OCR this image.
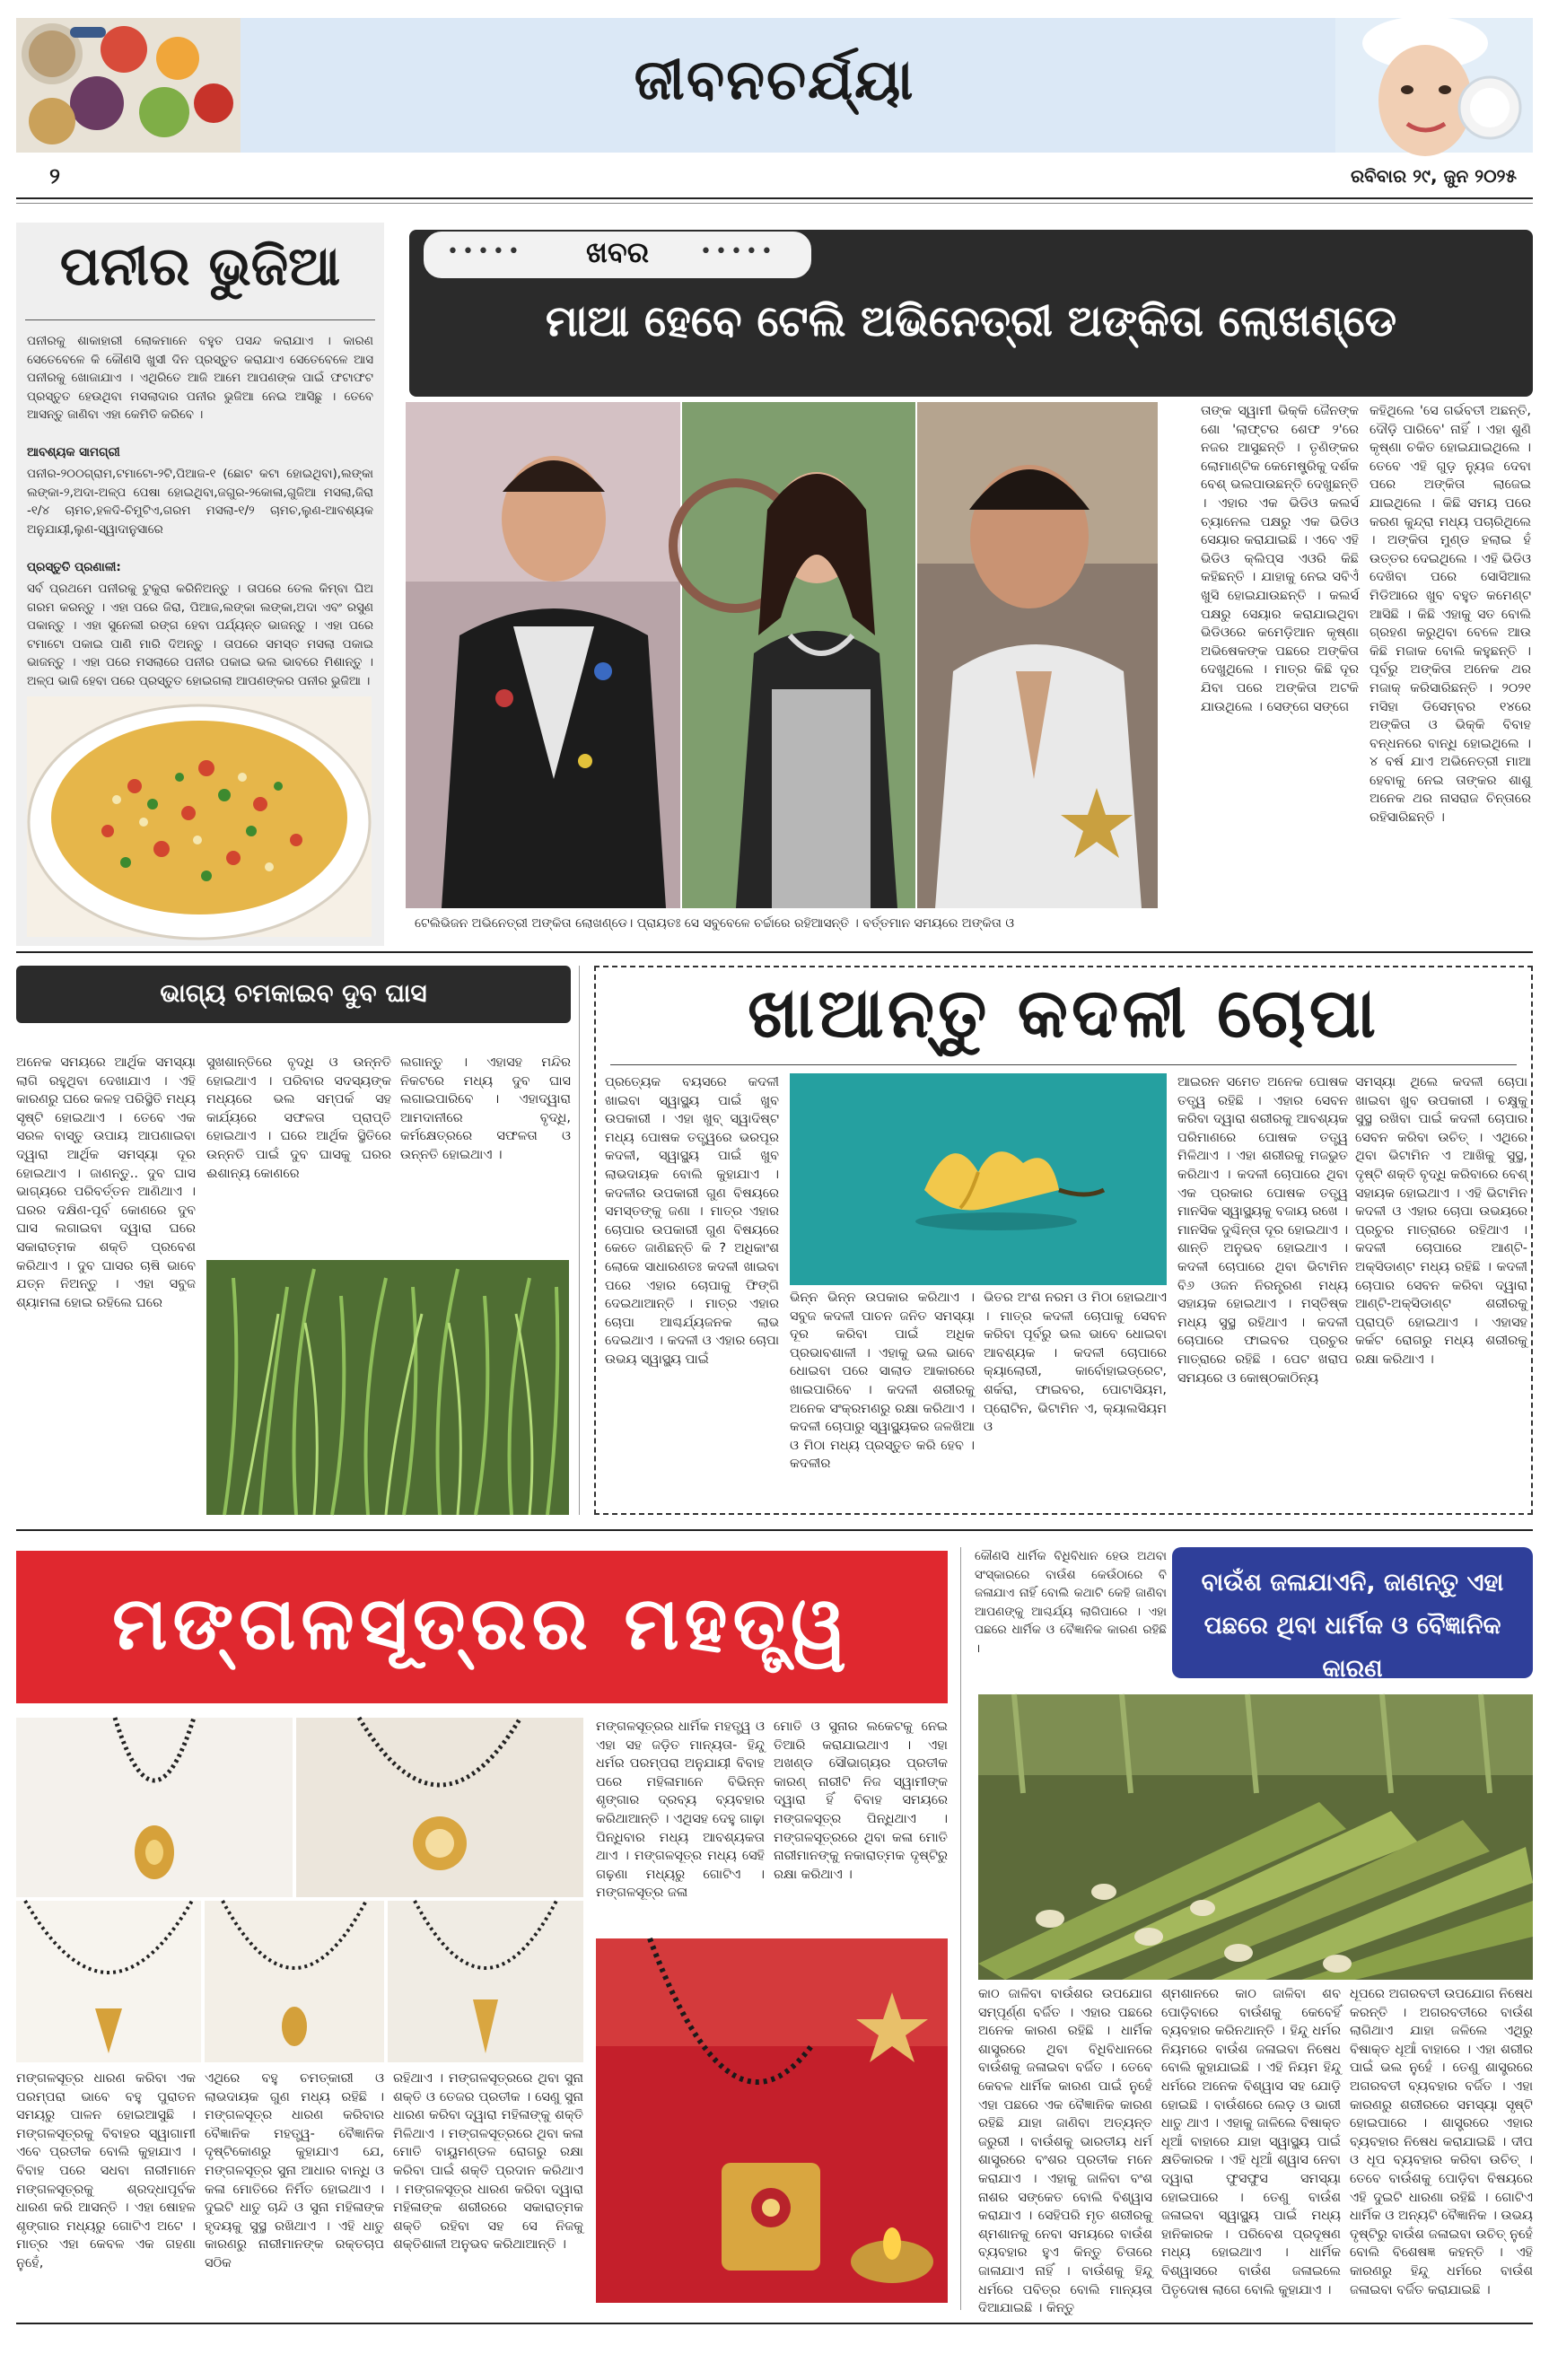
ଜୀବନଚର୍ଯ୍ୟା
୨	ରବିବାର ୨୯, ଜୁନ ୨୦୨୫
ପନୀର ଭୁଜିଆ
ପନୀରକୁ ଶାକାହାରୀ ଲୋକମାନେ ବହୁତ ପସନ୍ଦ କରାଯାଏ । କାରଣ ସେତେବେଳେ କି କୌଣସି ଖୁସୀ ଦିନ ପ୍ରସ୍ତୁତ କରାଯାଏ ସେତେବେଳେ ଆସ ପନୀରକୁ ଖୋଜାଯାଏ । ଏଥିରିତେ ଆଜି ଆମେ ଆପଣଙ୍କ ପାଇଁ ଫଟାଫଟ ପ୍ରସ୍ତୁତ ହେଉଥିବା ମସଲାଦାର ପନୀର ଭୁଜିଆ ନେଇ ଆସିଛୁ । ତେବେ ଆସନ୍ତୁ ଜାଣିବା ଏହା କେମିତି କରିବେ ।
ଆବଶ୍ୟକ ସାମଗ୍ରୀ
ପନୀର-୨୦୦ଗ୍ରାମ,ଟମାଟୋ-୨ଟି,ପିଆଜ-୧ (ଛୋଟ କଟା ହୋଇଥିବା),ଲଙ୍କା ଲଙ୍କା-୨,ଅଦା-ଅଳ୍ପ ପେଷା ହୋଇଥିବା,ଜଗୁର-୨କୋଳା,ଗୁଜିଆ ମସଲା,ଜିରା -୧/୪ ଚାମଚ,ହଳଦି-ଚିମୁଟିଏ,ଗରମ ମସଲା-୧/୨ ଚାମଚ,ଲୁଣ-ଆବଶ୍ୟକ ଅନୁଯାୟୀ,ଲୁଣ-ସ୍ୱାଦାନୁସାରେ
ପ୍ରସ୍ତୁତି ପ୍ରଣାଳୀ:
ସର୍ବ ପ୍ରଥମେ ପନୀରକୁ ଟୁକୁରା କରିନିଅନ୍ତୁ । ତାପରେ ତେଲ କିମ୍ବା ଘିଅ ଗରମ କରନ୍ତୁ । ଏହା ପରେ ଜିରା, ପିଆଜ,ଲଙ୍କା ଲଙ୍କା,ଅଦା ଏବଂ ରସୁଣ ପକାନ୍ତୁ । ଏହା ସୁନେଲୀ ରଙ୍ଗ ହେବା ପର୍ଯ୍ୟନ୍ତ ଭାଜନ୍ତୁ । ଏହା ପରେ ଟମାଟୋ ପକାଇ ପାଣି ମାରି ଦିଅନ୍ତୁ । ତାପରେ ସମସ୍ତ ମସଲା ପକାଇ ଭାଜନ୍ତୁ । ଏହା ପରେ ମସଲାରେ ପନୀର ପକାଇ ଭଲ ଭାବରେ ମିଶାନ୍ତୁ । ଅଳ୍ପ ଭାଜି ହେବା ପରେ ପ୍ରସ୍ତୁତ ହୋଇଗଲା ଆପଣଙ୍କର ପନୀର ଭୁଜିଆ ।
•••••	ଖବର	•••••
ମାଆ ହେବେ ଟେଲି ଅଭିନେତ୍ରୀ ଅଙ୍କିତା ଲୋଖଣ୍ଡେ
ଟେଲିଭିଜନ ଅଭିନେତ୍ରୀ ଅଙ୍କିତା ଲୋଖଣ୍ଡେ। ପ୍ରାୟତଃ ସେ ସବୁବେଳେ ଚର୍ଚ୍ଚାରେ ରହିଆସନ୍ତି । ବର୍ତ୍ତମାନ ସମୟରେ ଅଙ୍କିତା ଓ
ତାଙ୍କ ସ୍ୱାମୀ ଭିକ୍କି ଜୈନଙ୍କ ଶୋ 'ଲାଫ୍ଟର ଶେଫ ୨'ରେ ନଜର ଆସୁଛନ୍ତି । ତୃଣିଙ୍କର ଲୋମାଣ୍ଟିକ କେମେଷ୍ଟ୍ରିକୁ ଦର୍ଶକ ବେଶ୍ ଭଲପାଉଛନ୍ତି ଦେଖୁଛନ୍ତି । ଏହାର ଏକ ଭିଡିଓ କଲର୍ସ ଚ୍ୟାନେଲ ପକ୍ଷରୁ ଏକ ଭିଡିଓ ସେୟାର କରାଯାଇଛି । ଏବେ ଏହି ଭିଡିଓ କ୍ଲିପ୍ସ ଏଓରି କିଛି କହିଛନ୍ତି । ଯାହାକୁ ନେଇ ସବିଏଁ ଖୁସି ହୋଇଯାଉଛନ୍ତି । କଲର୍ସ ପକ୍ଷରୁ ସେୟାର କରାଯାଇଥିବା ଭିଡିଓରେ କମେଡ଼ିଆନ କୃଷ୍ଣା ଅଭିଷେକଙ୍କ ପଛରେ ଅଙ୍କିତା ଦେଖୁଥିଲେ । ମାତ୍ର କିଛି ଦୂର ଯିବା ପରେ ଅଙ୍କିତା ଅଟକି ଯାଉଥିଲେ । ସେଙ୍ଗେ ସଙ୍ଗେ
କହିଥିଲେ 'ସେ ଗର୍ଭବତୀ ଅଛନ୍ତି, ଦୌଡ଼ି ପାରିବେ' ନାହିଁ । ଏହା ଶୁଣି କୃଷ୍ଣା ଚକିତ ହୋଇଯାଇଥିଲେ । ତେବେ ଏହି ଗୁଡ଼ ନ୍ୟୁଜ ଦେବା ପରେ ଅଙ୍କିତା ଲାଜେଇ ଯାଇଥିଲେ । କିଛି ସମୟ ପରେ କରଣ କୁନ୍ଦ୍ରା ମଧ୍ୟ ପଚାରିଥିଲେ । ଅଙ୍କିତା ମୁଣ୍ଡ ହଲାଇ ହଁ ଉତ୍ତର ଦେଇଥିଲେ । ଏହି ଭିଡିଓ ଦେଖିବା ପରେ ସୋସିଆଲ ମିଡିଆରେ ଖୁବ ବହୁତ କମେଣ୍ଟ ଆସିଛି । କିଛି ଏହାକୁ ସତ ବୋଲି ଗ୍ରହଣ କରୁଥିବା ବେଳେ ଆଉ କିଛି ମଜାକ ବୋଲି କହୁଛନ୍ତି । ପୂର୍ବରୁ ଅଙ୍କିତା ଅନେକ ଥର ମଜାକ୍ କରିସାରିଛନ୍ତି । ୨୦୨୧ ମସିହା ଡିସେମ୍ବର ୧୪ରେ ଅଙ୍କିତା ଓ ଭିକ୍କି ବିବାହ ବନ୍ଧନରେ ବାନ୍ଧି ହୋଇଥିଲେ । ୪ ବର୍ଷ ଯାଏ ଅଭିନେତ୍ରୀ ମାଆ ହେବାକୁ ନେଇ ତାଙ୍କର ଶାଶୁ ଅନେକ ଥର ନାସରାଜ ଚିନ୍ତାରେ ରହିସାରିଛନ୍ତି ।
ଭାଗ୍ୟ ଚମକାଇବ ଦୁବ ଘାସ
ଅନେକ ସମୟରେ ଆର୍ଥିକ ସମସ୍ୟା ଲାଗି ରହୁଥିବା ଦେଖାଯାଏ । ଏହି କାରଣରୁ ଘରେ କଳହ ପରିସ୍ଥିତି ମଧ୍ୟ ସୃଷ୍ଟି ହୋଇଥାଏ । ତେବେ ଏକ ସରଳ ବାସ୍ତୁ ଉପାୟ ଆପଣାଇବା ଦ୍ୱାରା ଆର୍ଥିକ ସମସ୍ୟା ଦୂର ହୋଇଥାଏ । ଜାଣନ୍ତୁ.. ଦୁବ ଘାସ ଭାଗ୍ୟରେ ପରିବର୍ତ୍ତନ ଆଣିଥାଏ । ଘରର ଦକ୍ଷିଣ-ପୂର୍ବ କୋଣରେ ଦୁବ ଘାସ ଲଗାଇବା ଦ୍ୱାରା ଘରେ ସକାରାତ୍ମକ ଶକ୍ତି ପ୍ରବେଶ କରିଥାଏ । ଦୁବ ଘାସର ଚାଷି ଭାବେ ଯତ୍ନ ନିଅନ୍ତୁ । ଏହା ସବୁଜ ଶ୍ୟାମଳା ହୋଇ ରହିଲେ ଘରେ
ସୁଖଶାନ୍ତିରେ ବୃଦ୍ଧି ଓ ଉନ୍ନତି ହୋଇଥାଏ । ପରିବାର ସଦସ୍ୟଙ୍କ ମଧ୍ୟରେ ଭଲ ସମ୍ପର୍କ ସହ କାର୍ଯ୍ୟରେ ସଫଳତା ପ୍ରାପ୍ତି ହୋଇଥାଏ । ଘରେ ଆର୍ଥିକ ସ୍ଥିତିରେ ଉନ୍ନତି ପାଇଁ ଦୁବ ଘାସକୁ ଘରର ଈଶାନ୍ୟ କୋଣରେ
ଲଗାନ୍ତୁ । ଏହାସହ ମନ୍ଦିର ନିକଟରେ ମଧ୍ୟ ଦୁବ ଘାସ ଲଗାଇପାରିବେ । ଏହାଦ୍ୱାରା ଆମଦାନୀରେ ବୃଦ୍ଧି, କର୍ମକ୍ଷେତ୍ରରେ ସଫଳତା ଓ ଉନ୍ନତି ହୋଇଥାଏ ।
ଖାଆନ୍ତୁ କଦଳୀ ଚୋପା
ପ୍ରତ୍ୟେକ ବୟସରେ କଦଳୀ ଖାଇବା ସ୍ୱାସ୍ଥ୍ୟ ପାଇଁ ଖୁବ ଉପକାରୀ । ଏହା ଖୁବ୍ ସ୍ୱାଦିଷ୍ଟ ମଧ୍ୟ ପୋଷକ ତତ୍ତ୍ୱରେ ଭରପୂର କଦଳୀ, ସ୍ୱାସ୍ଥ୍ୟ ପାଇଁ ଖୁବ ଲାଭଦାୟକ ବୋଲି କୁହାଯାଏ । କଦଳୀର ଉପକାରୀ ଗୁଣ ବିଷୟରେ ସମସ୍ତଙ୍କୁ ଜଣା । ମାତ୍ର ଏହାର ଚୋପାର ଉପକାରୀ ଗୁଣ ବିଷୟରେ କେତେ ଜାଣିଛନ୍ତି କି ? ଅଧିକାଂଶ ଲୋକେ ସାଧାରଣତଃ କଦଳୀ ଖାଇବା ପରେ ଏହାର ଚୋପାକୁ ଫିଙ୍ଗି ଦେଇଥାଆନ୍ତି । ମାତ୍ର ଏହାର ଚୋପା ଆଶ୍ଚର୍ଯ୍ୟଜନକ ଲାଭ ଦେଇଥାଏ । କଦଳୀ ଓ ଏହାର ଚୋପା ଉଭୟ ସ୍ୱାସ୍ଥ୍ୟ ପାଇଁ
ଭିନ୍ନ ଭିନ୍ନ ଉପକାର କରିଥାଏ । ସବୁଜ କଦଳୀ ପାଚନ ଜନିତ ସମସ୍ୟା ଦୂର କରିବା ପାଇଁ ଅଧିକ ପ୍ରଭାବଶାଳୀ । ଏହାକୁ ଭଲ ଭାବେ ଧୋଇବା ପରେ ସାଲାଡ ଆକାରରେ ଖାଇପାରିବେ । କଦଳୀ ଶରୀରକୁ ଅନେକ ସଂକ୍ରମଣରୁ ରକ୍ଷା କରିଥାଏ । କଦଳୀ ଚୋପାରୁ ସ୍ୱାସ୍ଥ୍ୟକର ଜଳଖିଆ ଓ ମିଠା ମଧ୍ୟ ପ୍ରସ୍ତୁତ କରି ହେବ । କଦଳୀର
ଭିତର ଅଂଶ ନରମ ଓ ମିଠା ହୋଇଥାଏ । ମାତ୍ର କଦଳୀ ଚୋପାକୁ ସେବନ କରିବା ପୂର୍ବରୁ ଭଲ ଭାବେ ଧୋଇବା ଆବଶ୍ୟକ । କଦଳୀ ଚୋପାରେ କ୍ୟାଲୋରୀ, କାର୍ବୋହାଇଡ୍ରେଟ, ଶର୍କରା, ଫାଇବର, ପୋଟାସିୟମ, ପ୍ରୋଟିନ, ଭିଟାମିନ ଏ, କ୍ୟାଲସିୟମ ଓ
ଆଇରନ ସମେତ ଅନେକ ପୋଷକ ତତ୍ତ୍ୱ ରହିଛି । ଏହାର ସେବନ କରିବା ଦ୍ୱାରା ଶରୀରକୁ ଆବଶ୍ୟକ ପରିମାଣରେ ପୋଷକ ତତ୍ତ୍ୱ ମିଳିଥାଏ । ଏହା ଶରୀରକୁ ମଜଭୁତ କରିଥାଏ । କଦଳୀ ଚୋପାରେ ଥିବା ଏକ ପ୍ରକାର ପୋଷକ ତତ୍ତ୍ୱ ମାନସିକ ସ୍ୱାସ୍ଥ୍ୟକୁ ବଜାୟ ରଖେ । ମାନସିକ ଦୁଶ୍ଚିନ୍ତା ଦୂର ହୋଇଥାଏ । ଶାନ୍ତି ଅନୁଭବ ହୋଇଥାଏ । କଦଳୀ ଚୋପାରେ ଥିବା ଭିଟାମିନ ବି୬ ଓଜନ ନିରନ୍ତ୍ରଣ ମଧ୍ୟ ସହାୟକ ହୋଇଥାଏ । ମସ୍ତିଷ୍କ ମଧ୍ୟ ସୁସ୍ଥ ରହିଥାଏ । କଦଳୀ ଚୋପାରେ ଫାଇବର ପ୍ରଚୁର ମାତ୍ରାରେ ରହିଛି । ପେଟ ଖରାପ ସମୟରେ ଓ କୋଷ୍ଠକାଠିନ୍ୟ
ସମସ୍ୟା ଥିଲେ କଦଳୀ ଚୋପା ଖାଇବା ଖୁବ ଉପକାରୀ । ଚକ୍ଷୁକୁ ସୁସ୍ଥ ରଖିବା ପାଇଁ କଦଳୀ ଚୋପାର ସେବନ କରିବା ଉଚିତ୍ । ଏଥିରେ ଥିବା ଭିଟାମିନ ଏ ଆଖିକୁ ସୁସ୍ଥ, ଦୃଷ୍ଟି ଶକ୍ତି ବୃଦ୍ଧି କରିବାରେ ବେଶ୍ ସହାୟକ ହୋଇଥାଏ । ଏହି ଭିଟାମିନ କଦଳୀ ଓ ଏହାର ଚୋପା ଉଭୟରେ ପ୍ରଚୁର ମାତ୍ରାରେ ରହିଥାଏ । କଦଳୀ ଚୋପାରେ ଆଣ୍ଟି-ଅକ୍ସିଡାଣ୍ଟ ମଧ୍ୟ ରହିଛି । କଦଳୀ ଚୋପାର ସେବନ କରିବା ଦ୍ୱାରା ଆଣ୍ଟି-ଅକ୍ସିଡାଣ୍ଟ ଶରୀରକୁ ପ୍ରାପ୍ତି ହୋଇଥାଏ । ଏହାସହ କର୍କଟ ରୋଗରୁ ମଧ୍ୟ ଶରୀରକୁ ରକ୍ଷା କରିଥାଏ ।
ମଙ୍ଗଳସୂତ୍ରର ମହତ୍ତ୍ୱ
ମଙ୍ଗଳସୂତ୍ରର ଧାର୍ମିକ ମହତ୍ତ୍ୱ ଓ ଏହା ସହ ଜଡ଼ିତ ମାନ୍ୟତା- ହିନ୍ଦୁ ଧର୍ମର ପରମ୍ପରା ଅନୁଯାୟୀ ବିବାହ ପରେ ମହିଳାମାନେ ବିଭିନ୍ନ ଶୃଙ୍ଗାର ଦ୍ରବ୍ୟ ବ୍ୟବହାର କରିଥାଆନ୍ତି । ଏଥିସହ ଦେହୁ ଗାଢ଼ା ପିନ୍ଧିବାର ମଧ୍ୟ ଆବଶ୍ୟକତା ଥାଏ । ମଙ୍ଗଳସୂତ୍ର ମଧ୍ୟ ସେହି ଗଢ଼ଣା ମଧ୍ୟରୁ ଗୋଟିଏ । ମଙ୍ଗଳସୂତ୍ର ଜଳା
ମୋତି ଓ ସୁନାର ଲକେଟକୁ ନେଇ ତିଆରି କରାଯାଇଥାଏ । ଏହା ଅଖଣ୍ଡ ସୌଭାଗ୍ୟର ପ୍ରତୀକ କାରଣ୍ ନାରୀଟି ନିଜ ସ୍ୱାମୀଙ୍କ ଦ୍ୱାରା ହିଁ ବିବାହ ସମୟରେ ମଙ୍ଗଳସୂତ୍ର ପିନ୍ଧିଥାଏ । ମଙ୍ଗଳସୂତ୍ରରେ ଥିବା କଳା ମୋତି ନାରୀମାନଙ୍କୁ ନକାରାତ୍ମକ ଦୃଷ୍ଟିରୁ ରକ୍ଷା କରିଥାଏ ।
ମଙ୍ଗଳସୂତ୍ର ଧାରଣ କରିବା ଏକ ପରମ୍ପରା ଭାବେ ବହୁ ପୁରାତନ ସମୟରୁ ପାଳନ ହୋଇଆସୁଛି । ମଙ୍ଗଳସୂତ୍ରକୁ ବିବାହର ସ୍ୱାଗାମୀ ଏବେ ପ୍ରତୀକ ବୋଲି କୁହାଯାଏ । ବିବାହ ପରେ ସଧବା ନାରୀମାନେ ମଙ୍ଗଳସୂତ୍ରକୁ ଶ୍ରଦ୍ଧାପୂର୍ବକ ଧାରଣ କରି ଆସନ୍ତି । ଏହା ଷୋହଳ ଶୃଙ୍ଗାର ମଧ୍ୟରୁ ଗୋଟିଏ ଅଟେ । ମାତ୍ର ଏହା କେବଳ ଏକ ଗହଣା ନୁହେଁ,
ଏଥିରେ ବହୁ ଚମତ୍କାରୀ ଓ ଲାଭଦାୟକ ଗୁଣ ମଧ୍ୟ ରହିଛି । ମଙ୍ଗଳସୂତ୍ର ଧାରଣ କରିବାର ବୈଜ୍ଞାନିକ ମହତ୍ତ୍ୱ- ବୈଜ୍ଞାନିକ ଦୃଷ୍ଟିକୋଣରୁ କୁହାଯାଏ ଯେ, ମଙ୍ଗଳସୂତ୍ର ସୁନା ଆଧାର ବାନ୍ଧି ଓ କଳା ମୋତିରେ ନିର୍ମିତ ହୋଇଥାଏ । ଦୁଇଟି ଧାତୁ ଚାନ୍ଦି ଓ ସୁନା ମହିଳାଙ୍କ ହୃଦୟକୁ ସୁସ୍ଥ ରଖିଥାଏ । ଏହି ଧାତୁ କାରଣରୁ ନାରୀମାନଙ୍କ ରକ୍ତଚାପ ସଠିକ
ରହିଥାଏ । ମଙ୍ଗଳସୂତ୍ରରେ ଥିବା ସୁନା ଶକ୍ତି ଓ ତେଜର ପ୍ରତୀକ । ସେଣୁ ସୁନା ଧାରଣ କରିବା ଦ୍ୱାରା ମହିଳାଙ୍କୁ ଶକ୍ତି ମିଳିଥାଏ । ମଙ୍ଗଳସୂତ୍ରରେ ଥିବା କଳା ମୋତି ବାୟୁମଣ୍ଡଳ ରୋଗରୁ ରକ୍ଷା କରିବା ପାଇଁ ଶକ୍ତି ପ୍ରଦାନ କରିଥାଏ । ମଙ୍ଗଳସୂତ୍ର ଧାରଣ କରିବା ଦ୍ୱାରା ମହିଳାଙ୍କ ଶରୀରରେ ସକାରାତ୍ମକ ଶକ୍ତି ରହିବା ସହ ସେ ନିଜକୁ ଶକ୍ତିଶାଳୀ ଅନୁଭବ କରିଥାଆନ୍ତି ।
କୌଣସି ଧାର୍ମିକ ବିଧିବିଧାନ ହେଉ ଅଥବା ସଂସ୍କାରରେ ବାଉଁଶ କେଉଁଠାରେ ବି ଜଳାଯାଏ ନାହିଁ ବୋଲି କଥାଟି କେହି ଜାଣିବା ଆପଣଙ୍କୁ ଆଶ୍ଚର୍ଯ୍ୟ ଲାଗିପାରେ । ଏହା ପଛରେ ଧାର୍ମିକ ଓ ବୈଜ୍ଞାନିକ କାରଣ ରହିଛି ।
ବାଉଁଶ ଜଳାଯାଏନି, ଜାଣନ୍ତୁ ଏହା ପଛରେ ଥିବା ଧାର୍ମିକ ଓ ବୈଜ୍ଞାନିକ କାରଣ
କାଠ ଜାଳିବା ବାଉଁଶର ଉପଯୋଗ ସମ୍ପୂର୍ଣ୍ଣ ବର୍ଜିତ । ଏହାର ପଛରେ ଅନେକ କାରଣ ରହିଛି । ଧାର୍ମିକ ଶାସ୍ତ୍ରରେ ଥିବା ବିଧିବିଧାନରେ ବାଉଁଶକୁ ଜଳାଇବା ବର୍ଜିତ । ତେବେ କେବଳ ଧାର୍ମିକ କାରଣ ପାଇଁ ନୁହେଁ ଏହା ପଛରେ ଏକ ବୈଜ୍ଞାନିକ କାରଣ ରହିଛି ଯାହା ଜାଣିବା ଅତ୍ୟନ୍ତ ଜରୁରୀ । ବାଉଁଶକୁ ଭାରତୀୟ ଧର୍ମ ଶାସ୍ତ୍ରରେ ବଂଶର ପ୍ରତୀକ ମନେ କରାଯାଏ । ଏହାକୁ ଜାଳିବା ବଂଶ ନାଶର ସଙ୍କେତ ବୋଲି ବିଶ୍ୱାସ କରାଯାଏ । ସେହିପରି ମୃତ ଶରୀରକୁ ଶ୍ମଶାନକୁ ନେବା ସମୟରେ ବାଉଁଶ ବ୍ୟବହାର ହୁଏ କିନ୍ତୁ ଚିତାରେ ଜାଳାଯାଏ ନାହିଁ । ବାଉଁଶକୁ ହିନ୍ଦୁ ଧର୍ମରେ ପବିତ୍ର ବୋଲି ମାନ୍ୟତା ଦିଆଯାଇଛି । କିନ୍ତୁ
ଶ୍ମଶାନରେ କାଠ ଜାଳିବା ଶବ ପୋଡ଼ିବାରେ ବାଉଁଶକୁ କେବେହିଁ ବ୍ୟବହାର କରିନଥାନ୍ତି । ହିନ୍ଦୁ ଧର୍ମର ନିୟମରେ ବାଉଁଶ ଜଳାଇବା ନିଷେଧ ବୋଲି କୁହାଯାଇଛି । ଏହି ନିୟମ ହିନ୍ଦୁ ଧର୍ମରେ ଅନେକ ବିଶ୍ୱାସ ସହ ଯୋଡ଼ି ହୋଇଛି । ବାଉଁଶରେ ଲେଡ଼ ଓ ଭାରୀ ଧାତୁ ଥାଏ । ଏହାକୁ ଜାଳିଲେ ବିଷାକ୍ତ ଧୂଆଁ ବାହାରେ ଯାହା ସ୍ୱାସ୍ଥ୍ୟ ପାଇଁ କ୍ଷତିକାରକ । ଏହି ଧୂଆଁ ଶ୍ୱାସ ନେବା ଦ୍ୱାରା ଫୁସଫୁସ ସମସ୍ୟା ହୋଇପାରେ । ତେଣୁ ବାଉଁଶ ଜଳାଇବା ସ୍ୱାସ୍ଥ୍ୟ ପାଇଁ ମଧ୍ୟ ହାନିକାରକ । ପରିବେଶ ପ୍ରଦୂଷଣ ମଧ୍ୟ ହୋଇଥାଏ । ଧାର୍ମିକ ବିଶ୍ୱାସରେ ବାଉଁଶ ଜଳାଇଲେ ପିତୃଦୋଷ ଲାଗେ ବୋଲି କୁହାଯାଏ ।
ଧୂପରେ ଅଗରବତୀ ଉପଯୋଗ ନିଷେଧ କରନ୍ତି । ଅଗରବତୀରେ ବାଉଁଶ ଲାଗିଥାଏ ଯାହା ଜଳିଲେ ଏଥିରୁ ବିଷାକ୍ତ ଧୂଆଁ ବାହାରେ । ଏହା ଶରୀର ପାଇଁ ଭଲ ନୁହେଁ । ତେଣୁ ଶାସ୍ତ୍ରରେ ଅଗରବତୀ ବ୍ୟବହାର ବର୍ଜିତ । ଏହା କାରଣରୁ ଶରୀରରେ ସମସ୍ୟା ସୃଷ୍ଟି ହୋଇପାରେ । ଶାସ୍ତ୍ରରେ ଏହାର ବ୍ୟବହାର ନିଷେଧ କରାଯାଇଛି । ଦୀପ ଓ ଧୂପ ବ୍ୟବହାର କରିବା ଉଚିତ୍ । ତେବେ ବାଉଁଶକୁ ପୋଡ଼ିବା ବିଷୟରେ ଏହି ଦୁଇଟି ଧାରଣା ରହିଛି । ଗୋଟିଏ ଧାର୍ମିକ ଓ ଅନ୍ୟଟି ବୈଜ୍ଞାନିକ । ଉଭୟ ଦୃଷ୍ଟିରୁ ବାଉଁଶ ଜଳାଇବା ଉଚିତ୍ ନୁହେଁ ବୋଲି ବିଶେଷଜ୍ଞ କହନ୍ତି । ଏହି କାରଣରୁ ହିନ୍ଦୁ ଧର୍ମରେ ବାଉଁଶ ଜଳାଇବା ବର୍ଜିତ କରାଯାଇଛି ।
